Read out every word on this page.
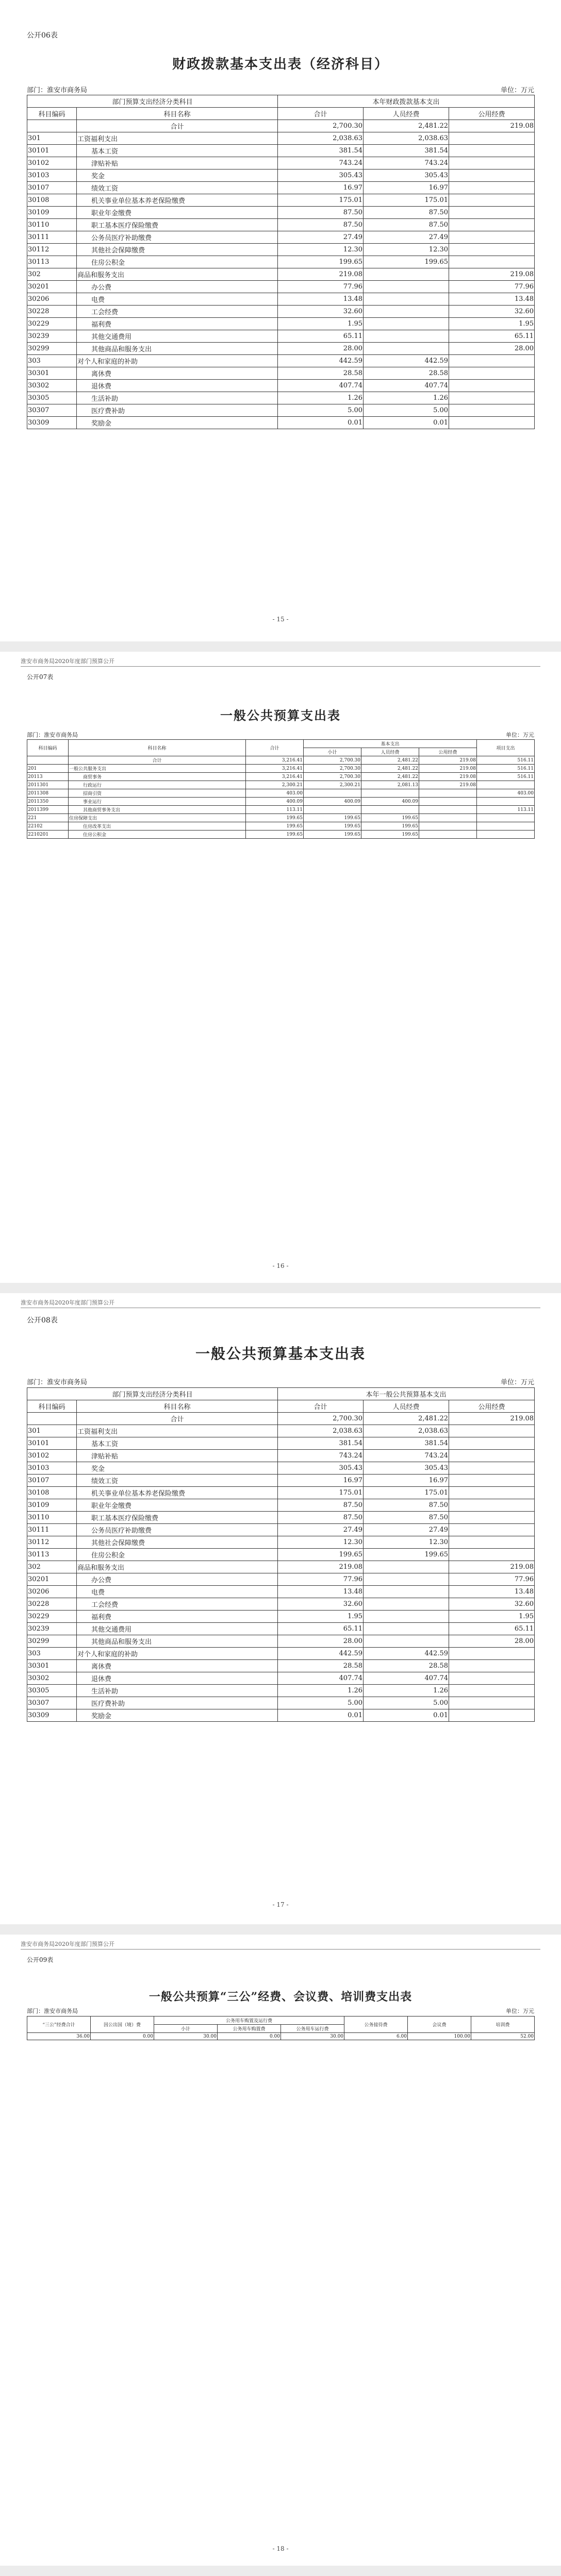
公开06表
财政拨款基本支出表（经济科目）
部门：淮安市商务局	单位：万元
部门预算支出经济分类科目		本年财政拨款基本支出		
科目编码	科目名称	合计	人员经费	公用经费
	合计	2,700.30	2,481.22	219.08
301	工资福利支出	2,038.63	2,038.63	
30101	基本工资	381.54	381.54	
30102	津贴补贴	743.24	743.24	
30103	奖金	305.43	305.43	
30107	绩效工资	16.97	16.97	
30108	机关事业单位基本养老保险缴费	175.01	175.01	
30109	职业年金缴费	87.50	87.50	
30110	职工基本医疗保险缴费	87.50	87.50	
30111	公务员医疗补助缴费	27.49	27.49	
30112	其他社会保障缴费	12.30	12.30	
30113	住房公积金	199.65	199.65	
302	商品和服务支出	219.08		219.08
30201	办公费	77.96		77.96
30206	电费	13.48		13.48
30228	工会经费	32.60		32.60
30229	福利费	1.95		1.95
30239	其他交通费用	65.11		65.11
30299	其他商品和服务支出	28.00		28.00
303	对个人和家庭的补助	442.59	442.59	
30301	离休费	28.58	28.58	
30302	退休费	407.74	407.74	
30305	生活补助	1.26	1.26	
30307	医疗费补助	5.00	5.00	
30309	奖励金	0.01	0.01	
- 15 -
淮安市商务局2020年度部门预算公开
公开07表
一般公共预算支出表
部门：淮安市商务局	单位：万元
科目编码	科目名称	合计	基本支出			项目支出
			小计	人员经费	公用经费	
	合计	3,216.41	2,700.30	2,481.22	219.08	516.11
201	一般公共服务支出	3,216.41	2,700.30	2,481.22	219.08	516.11
20113	商贸事务	3,216.41	2,700.30	2,481.22	219.08	516.11
2011301	行政运行	2,300.21	2,300.21	2,081.13	219.08	
2011308	招商引资	403.00				403.00
2011350	事业运行	400.09	400.09	400.09		
2011399	其他商贸事务支出	113.11				113.11
221	住房保障支出	199.65	199.65	199.65		
22102	住房改革支出	199.65	199.65	199.65		
2210201	住房公积金	199.65	199.65	199.65		
- 16 -
淮安市商务局2020年度部门预算公开
公开08表
一般公共预算基本支出表
部门：淮安市商务局	单位：万元
部门预算支出经济分类科目		本年一般公共预算基本支出		
科目编码	科目名称	合计	人员经费	公用经费
	合计	2,700.30	2,481.22	219.08
301	工资福利支出	2,038.63	2,038.63	
30101	基本工资	381.54	381.54	
30102	津贴补贴	743.24	743.24	
30103	奖金	305.43	305.43	
30107	绩效工资	16.97	16.97	
30108	机关事业单位基本养老保险缴费	175.01	175.01	
30109	职业年金缴费	87.50	87.50	
30110	职工基本医疗保险缴费	87.50	87.50	
30111	公务员医疗补助缴费	27.49	27.49	
30112	其他社会保障缴费	12.30	12.30	
30113	住房公积金	199.65	199.65	
302	商品和服务支出	219.08		219.08
30201	办公费	77.96		77.96
30206	电费	13.48		13.48
30228	工会经费	32.60		32.60
30229	福利费	1.95		1.95
30239	其他交通费用	65.11		65.11
30299	其他商品和服务支出	28.00		28.00
303	对个人和家庭的补助	442.59	442.59	
30301	离休费	28.58	28.58	
30302	退休费	407.74	407.74	
30305	生活补助	1.26	1.26	
30307	医疗费补助	5.00	5.00	
30309	奖励金	0.01	0.01	
- 17 -
淮安市商务局2020年度部门预算公开
公开09表
一般公共预算“三公”经费、会议费、培训费支出表
部门：淮安市商务局	单位：万元
“三公”经费合计	因公出国（境）费	公务用车购置及运行费			公务接待费	会议费	培训费
		小计	公务用车购置费	公务用车运行费			
36.00	0.00	30.00	0.00	30.00	6.00	100.00	52.00
- 18 -
